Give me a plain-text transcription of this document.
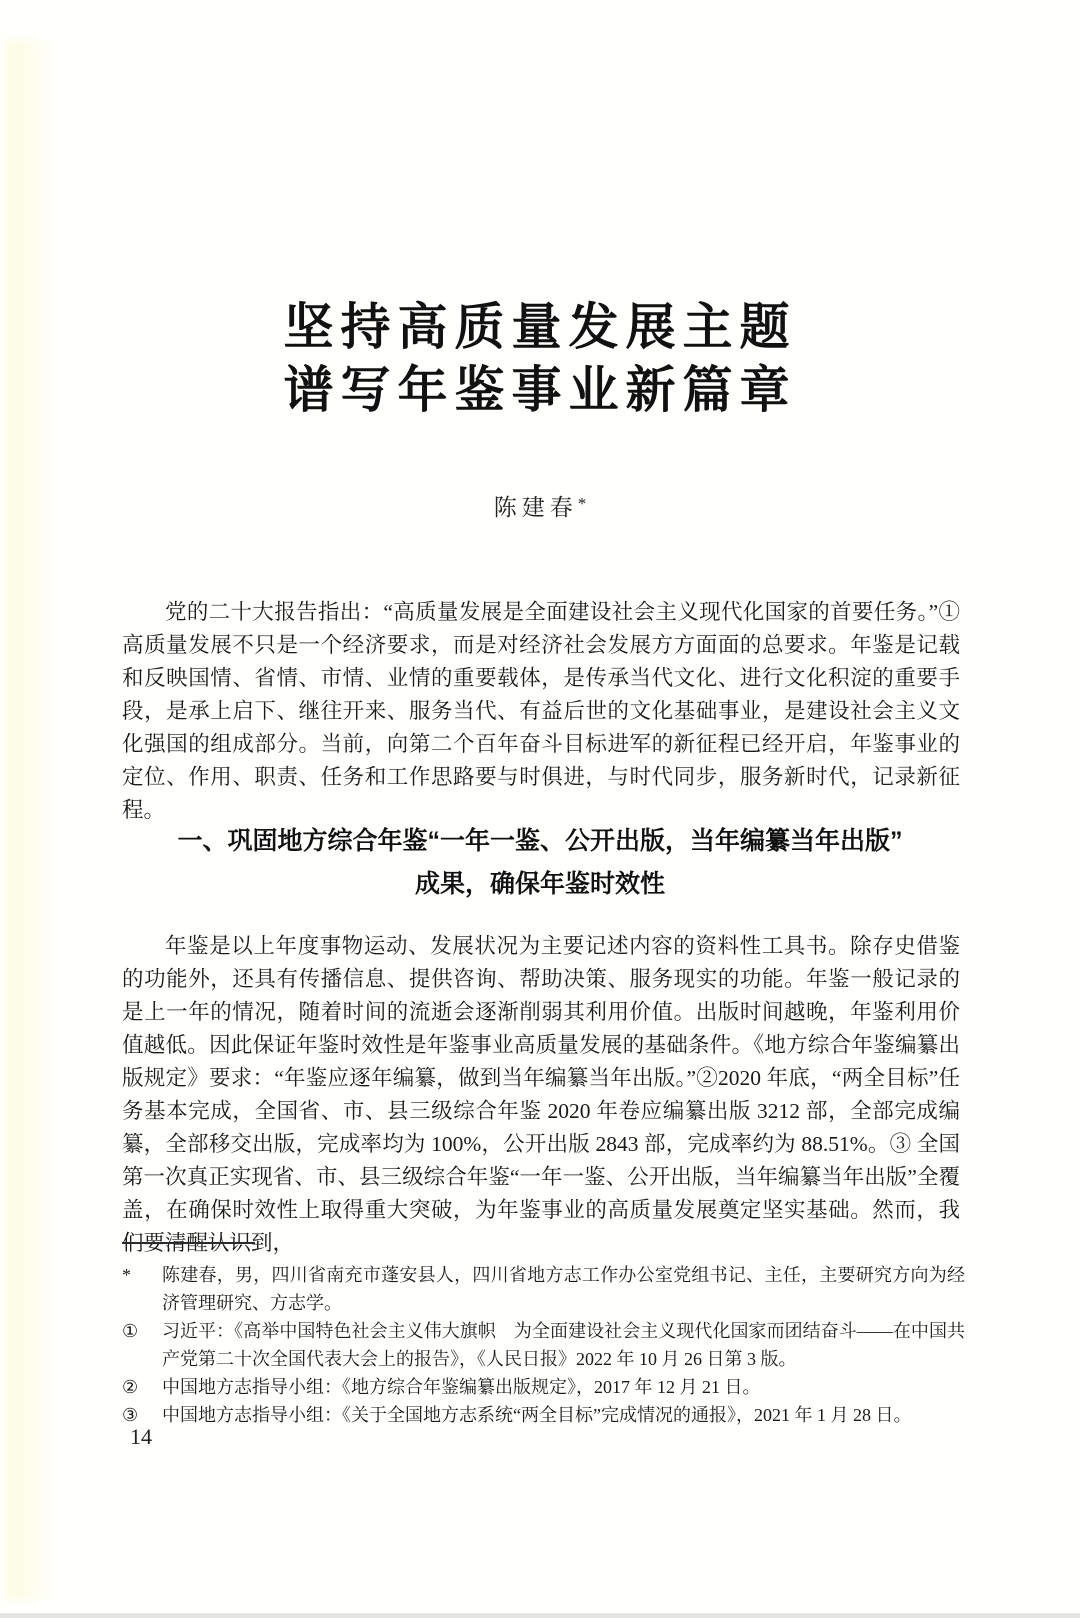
坚持高质量发展主题
谱写年鉴事业新篇章
陈建春*
党的二十大报告指出：“高质量发展是全面建设社会主义现代化国家的首要任务。”①高质量发展不只是一个经济要求，而是对经济社会发展方方面面的总要求。年鉴是记载和反映国情、省情、市情、业情的重要载体，是传承当代文化、进行文化积淀的重要手段，是承上启下、继往开来、服务当代、有益后世的文化基础事业，是建设社会主义文化强国的组成部分。当前，向第二个百年奋斗目标进军的新征程已经开启，年鉴事业的定位、作用、职责、任务和工作思路要与时俱进，与时代同步，服务新时代，记录新征程。
一、巩固地方综合年鉴“一年一鉴、公开出版，当年编纂当年出版”
成果，确保年鉴时效性
年鉴是以上年度事物运动、发展状况为主要记述内容的资料性工具书。除存史借鉴的功能外，还具有传播信息、提供咨询、帮助决策、服务现实的功能。年鉴一般记录的是上一年的情况，随着时间的流逝会逐渐削弱其利用价值。出版时间越晚，年鉴利用价值越低。因此保证年鉴时效性是年鉴事业高质量发展的基础条件。《地方综合年鉴编纂出版规定》要求：“年鉴应逐年编纂，做到当年编纂当年出版。”②2020 年底，“两全目标”任务基本完成，全国省、市、县三级综合年鉴 2020 年卷应编纂出版 3212 部，全部完成编纂，全部移交出版，完成率均为 100%，公开出版 2843 部，完成率约为 88.51%。③ 全国第一次真正实现省、市、县三级综合年鉴“一年一鉴、公开出版，当年编纂当年出版”全覆盖，在确保时效性上取得重大突破，为年鉴事业的高质量发展奠定坚实基础。然而，我们要清醒认识到，
*	陈建春，男，四川省南充市蓬安县人，四川省地方志工作办公室党组书记、主任，主要研究方向为经济管理研究、方志学。
①	习近平：《高举中国特色社会主义伟大旗帜　为全面建设社会主义现代化国家而团结奋斗——在中国共产党第二十次全国代表大会上的报告》，《人民日报》2022 年 10 月 26 日第 3 版。
②	中国地方志指导小组：《地方综合年鉴编纂出版规定》，2017 年 12 月 21 日。
③	中国地方志指导小组：《关于全国地方志系统“两全目标”完成情况的通报》，2021 年 1 月 28 日。
14
